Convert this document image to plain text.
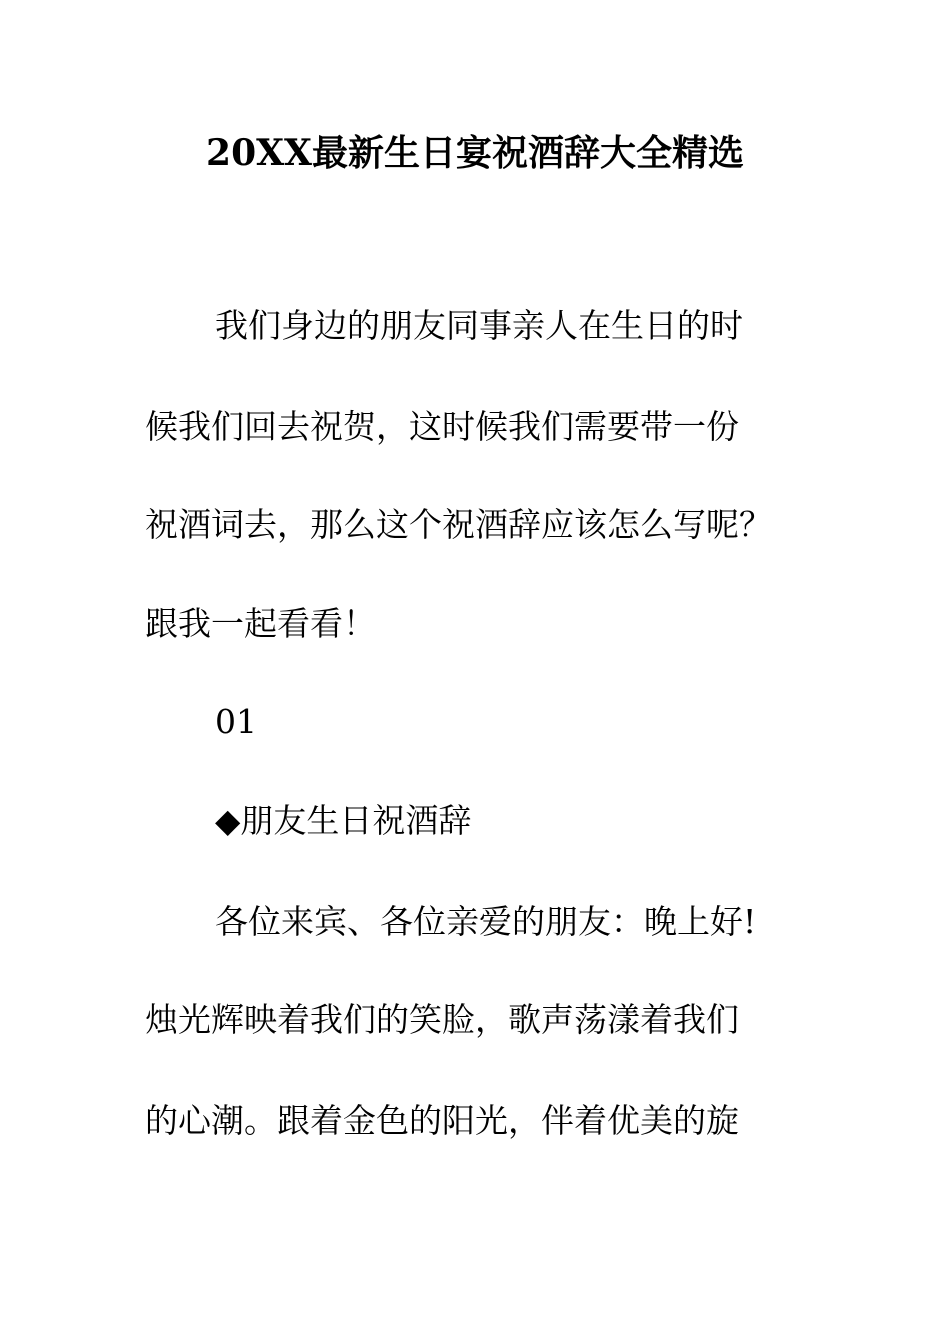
20XX最新生日宴祝酒辞大全精选
我们身边的朋友同事亲人在生日的时
候我们回去祝贺，这时候我们需要带一份
祝酒词去，那么这个祝酒辞应该怎么写呢？
跟我一起看看！
01
◆朋友生日祝酒辞
各位来宾、各位亲爱的朋友：晚上好!
烛光辉映着我们的笑脸，歌声荡漾着我们
的心潮。跟着金色的阳光，伴着优美的旋
